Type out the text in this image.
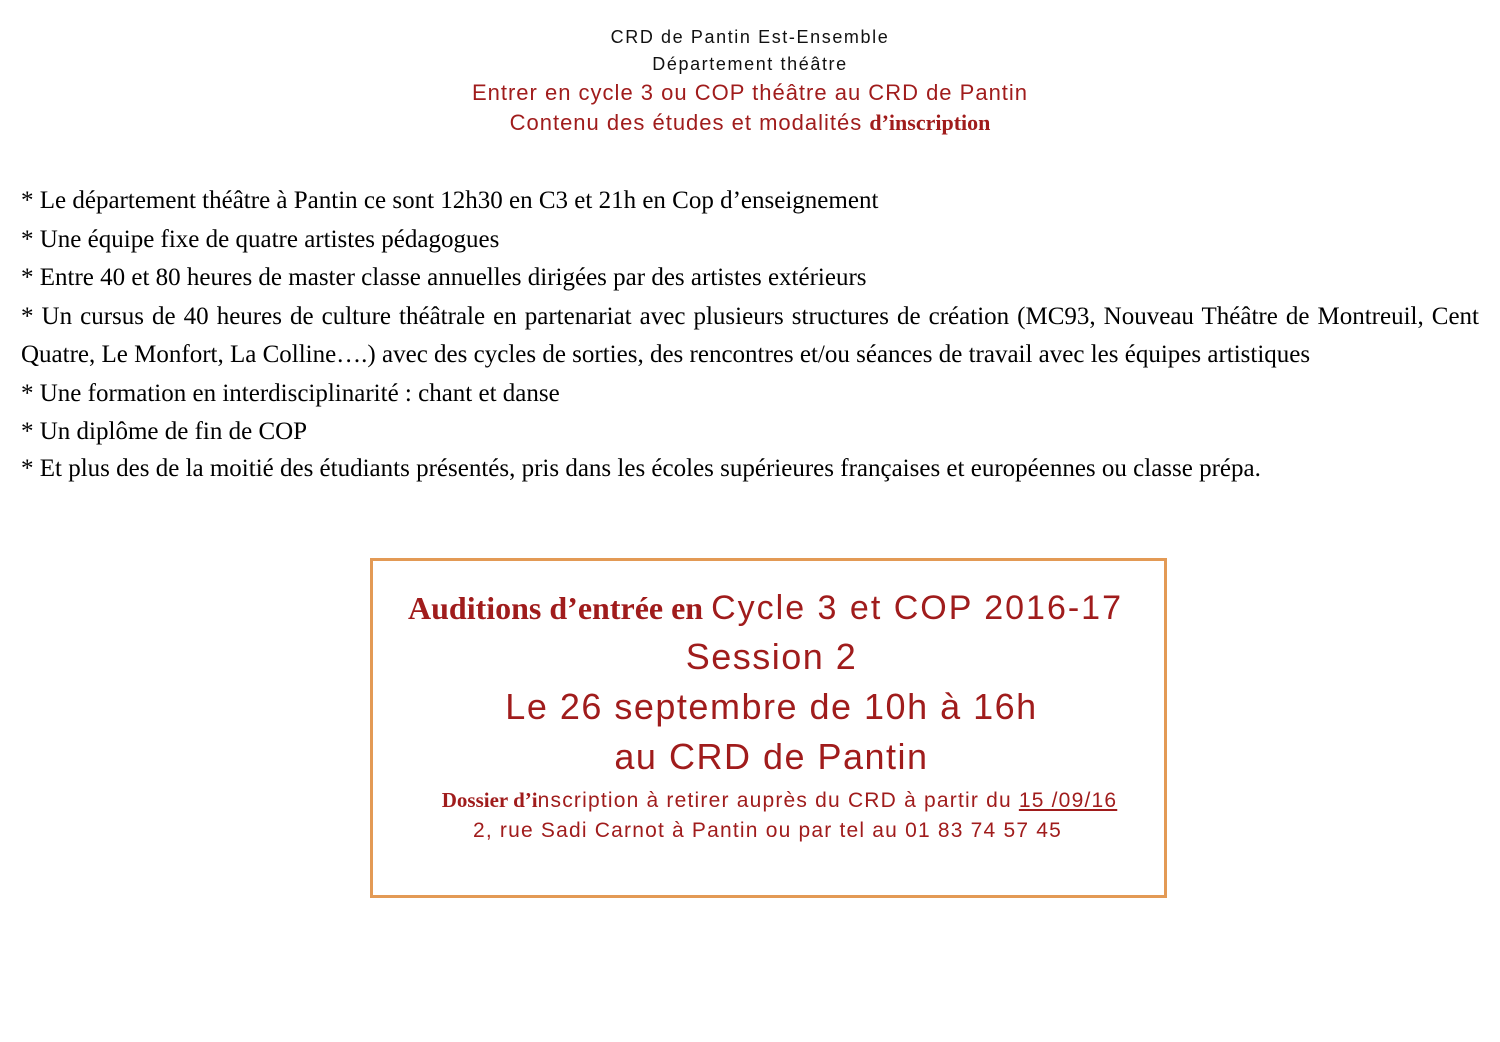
CRD de Pantin Est-Ensemble
Département théâtre
Entrer en cycle 3 ou COP théâtre au CRD de Pantin
Contenu des études et modalités d’inscription

* Le département théâtre à Pantin ce sont 12h30 en C3 et 21h en Cop d’enseignement

* Une équipe fixe de quatre artistes pédagogues

* Entre 40 et 80 heures de master classe annuelles dirigées par des artistes extérieurs

* Un cursus de 40 heures de culture théâtrale en partenariat avec plusieurs structures de création (MC93, Nouveau Théâtre de Montreuil, Cent Quatre, Le Monfort, La Colline….) avec des cycles de sorties, des rencontres et/ou séances de travail avec les équipes artistiques

* Une formation en interdisciplinarité : chant et danse

* Un diplôme de fin de COP

* Et plus des de la moitié des étudiants présentés, pris dans les écoles supérieures françaises et européennes ou classe prépa.

Auditions d’entrée en Cycle 3 et COP 2016-17
Session 2
Le 26 septembre de 10h à 16h
au CRD de Pantin
Dossier d’inscription à retirer auprès du CRD à partir du 15 /09/16
2, rue Sadi Carnot à Pantin ou par tel au 01 83 74 57 45
